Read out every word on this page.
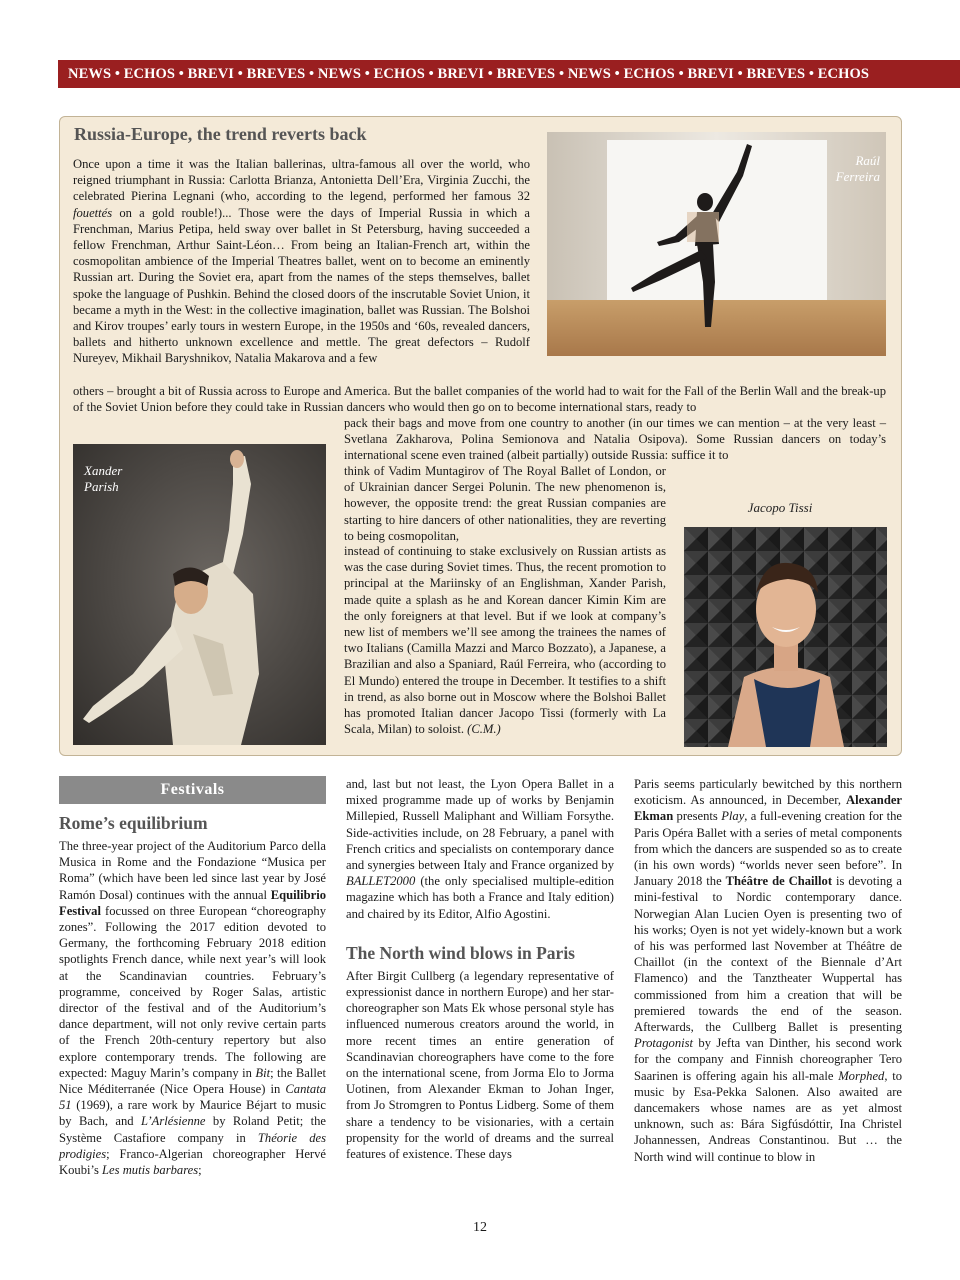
NEWS • ECHOS • BREVI • BREVES • NEWS • ECHOS • BREVI • BREVES • NEWS • ECHOS • BREVI • BREVES • ECHOS
Russia-Europe, the trend reverts back
Raúl
Ferreira
Once upon a time it was the Italian ballerinas, ultra-famous all over the world, who reigned triumphant in Russia: Carlotta Brianza, Antonietta Dell’Era, Virginia Zucchi, the celebrated Pierina Legnani (who, according to the legend, performed her famous 32 fouettés on a gold rouble!)... Those were the days of Imperial Russia in which a Frenchman, Marius Petipa, held sway over ballet in St Petersburg, having succeeded a fellow Frenchman, Arthur Saint-Léon… From being an Italian-French art, within the cosmopolitan ambience of the Imperial Theatres ballet, went on to become an eminently Russian art. During the Soviet era, apart from the names of the steps themselves, ballet spoke the language of Pushkin. Behind the closed doors of the inscrutable Soviet Union, it became a myth in the West: in the collective imagination, ballet was Russian. The Bolshoi and Kirov troupes’ early tours in western Europe, in the 1950s and ‘60s, revealed dancers, ballets and hitherto unknown excellence and mettle. The great defectors – Rudolf Nureyev, Mikhail Baryshnikov, Natalia Makarova and a few
others – brought a bit of Russia across to Europe and America. But the ballet companies of the world had to wait for the Fall of the Berlin Wall and the break-up of the Soviet Union before they could take in Russian dancers who would then go on to become international stars, ready to
Xander
Parish
pack their bags and move from one country to another (in our times we can mention – at the very least – Svetlana Zakharova, Polina Semionova and Natalia Osipova). Some Russian dancers on today’s international scene even trained (albeit partially) outside Russia: suffice it to
think of Vadim Muntagirov of The Royal Ballet of London, or of Ukrainian dancer Sergei Polunin. The new phenomenon is, however, the opposite trend: the great Russian companies are starting to hire dancers of other nationalities, they are reverting to being cosmopolitan,
Jacopo Tissi
instead of continuing to stake exclusively on Russian artists as was the case during Soviet times. Thus, the recent promotion to principal at the Mariinsky of an Englishman, Xander Parish, made quite a splash as he and Korean dancer Kimin Kim are the only foreigners at that level. But if we look at company’s new list of members we’ll see among the trainees the names of two Italians (Camilla Mazzi and Marco Bozzato), a Japanese, a Brazilian and also a Spaniard, Raúl Ferreira, who (according to El Mundo) entered the troupe in December. It testifies to a shift in trend, as also borne out in Moscow where the Bolshoi Ballet has promoted Italian dancer Jacopo Tissi (formerly with La Scala, Milan) to soloist. (C.M.)
Festivals
Rome’s equilibrium

The three-year project of the Auditorium Parco della Musica in Rome and the Fondazione “Musica per Roma” (which have been led since last year by José Ramón Dosal) continues with the annual Equilibrio Festival focussed on three European “choreography zones”. Following the 2017 edition devoted to Germany, the forthcoming February 2018 edition spotlights French dance, while next year’s will look at the Scandinavian countries. February’s programme, conceived by Roger Salas, artistic director of the festival and of the Auditorium’s dance department, will not only revive certain parts of the French 20th-century repertory but also explore contemporary trends. The following are expected: Maguy Marin’s company in Bit; the Ballet Nice Méditerranée (Nice Opera House) in Cantata 51 (1969), a rare work by Maurice Béjart to music by Bach, and L’Arlésienne by Roland Petit; the Système Castafiore company in Théorie des prodigies; Franco-Algerian choreographer Hervé Koubi’s Les mutis barbares;

and, last but not least, the Lyon Opera Ballet in a mixed programme made up of works by Benjamin Millepied, Russell Maliphant and William Forsythe. Side-activities include, on 28 February, a panel with French critics and specialists on contemporary dance and synergies between Italy and France organized by BALLET2000 (the only specialised multiple-edition magazine which has both a France and Italy edition) and chaired by its Editor, Alfio Agostini.

The North wind blows in Paris

After Birgit Cullberg (a legendary representative of expressionist dance in northern Europe) and her star-choreographer son Mats Ek whose personal style has influenced numerous creators around the world, in more recent times an entire generation of Scandinavian choreographers have come to the fore on the international scene, from Jorma Elo to Jorma Uotinen, from Alexander Ekman to Johan Inger, from Jo Stromgren to Pontus Lidberg. Some of them share a tendency to be visionaries, with a certain propensity for the world of dreams and the surreal features of existence. These days

Paris seems particularly bewitched by this northern exoticism. As announced, in December, Alexander Ekman presents Play, a full-evening creation for the Paris Opéra Ballet with a series of metal components from which the dancers are suspended so as to create (in his own words) “worlds never seen before”. In January 2018 the Théâtre de Chaillot is devoting a mini-festival to Nordic contemporary dance. Norwegian Alan Lucien Oyen is presenting two of his works; Oyen is not yet widely-known but a work of his was performed last November at Théâtre de Chaillot (in the context of the Biennale d’Art Flamenco) and the Tanztheater Wuppertal has commissioned from him a creation that will be premiered towards the end of the season. Afterwards, the Cullberg Ballet is presenting Protagonist by Jefta van Dinther, his second work for the company and Finnish choreographer Tero Saarinen is offering again his all-male Morphed, to music by Esa-Pekka Salonen. Also awaited are dancemakers whose names are as yet almost unknown, such as: Bára Sigfúsdóttir, Ina Christel Johannessen, Andreas Constantinou. But … the North wind will continue to blow in

12
